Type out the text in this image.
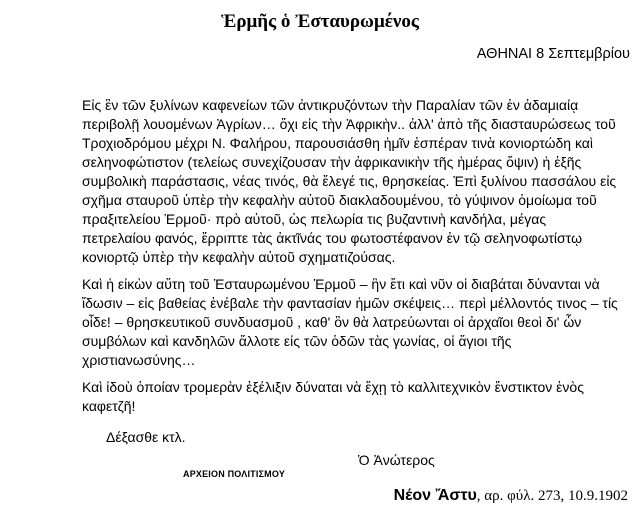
Ἑρμῆς ὁ Ἐσταυρωμένος

ΑΘΗΝΑΙ 8 Σεπτεμβρίου

Εἰς ἓν τῶν ξυλίνων καφενείων τῶν ἀντικρυζόντων τὴν Παραλίαν τῶν ἐν ἀδαμιαίᾳ περιβολῇ λουομένων Ἀγρίων… ὄχι εἰς τὴν Ἀφρικὴν.. ἀλλ' ἀπὸ τῆς διασταυρώσεως τοῦ Τροχιοδρόμου μέχρι Ν. Φαλήρου, παρουσιάσθη ἡμῖν ἑσπέραν τινὰ κονιορτώδη καὶ σεληνοφώτιστον (τελείως συνεχίζουσαν τὴν ἀφρικανικὴν τῆς ἡμέρας ὄψιν) ἡ ἑξῆς συμβολικὴ παράστασις, νέας τινός, θὰ ἔλεγέ τις, θρησκείας. Ἐπὶ ξυλίνου πασσάλου εἰς σχῆμα σταυροῦ ὑπὲρ τὴν κεφαλὴν αὐτοῦ διακλαδουμένου, τὸ γύψινον ὁμοίωμα τοῦ πραξιτελείου Ἑρμοῦ· πρὸ αὐτοῦ, ὡς πελωρία τις βυζαντινὴ κανδήλα, μέγας πετρελαίου φανός, ἔρριπτε τὰς ἀκτῖνάς του φωτοστέφανον ἐν τῷ σεληνοφωτίστῳ κονιορτῷ ὑπὲρ τὴν κεφαλὴν αὐτοῦ σχηματιζούσας.

Καὶ ἡ εἰκὼν αὕτη τοῦ Ἐσταυρωμένου Ἑρμοῦ – ἣν ἔτι καὶ νῦν οἱ διαβάται δύνανται νὰ ἴδωσιν – εἰς βαθείας ἐνέβαλε τὴν φαντασίαν ἡμῶν σκέψεις… περὶ μέλλοντός τινος – τίς οἶδε! – θρησκευτικοῦ συνδυασμοῦ , καθ' ὃν θὰ λατρεύωνται οἱ ἀρχαῖοι θεοὶ δι' ὧν συμβόλων καὶ κανδηλῶν ἄλλοτε εἰς τῶν ὁδῶν τὰς γωνίας, οἱ ἅγιοι τῆς χριστιανωσύνης…

Καὶ ἰδοὺ ὁποίαν τρομερὰν ἐξέλιξιν δύναται νὰ ἔχῃ τὸ καλλιτεχνικὸν ἔνστικτον ἑνὸς καφετζῆ!

Δέξασθε κτλ.

Ὁ Ἀνώτερος

ΑΡΧΕΙΟΝ ΠΟΛΙΤΙΣΜΟΥ

Νέον Ἄστυ, αρ. φύλ. 273, 10.9.1902
